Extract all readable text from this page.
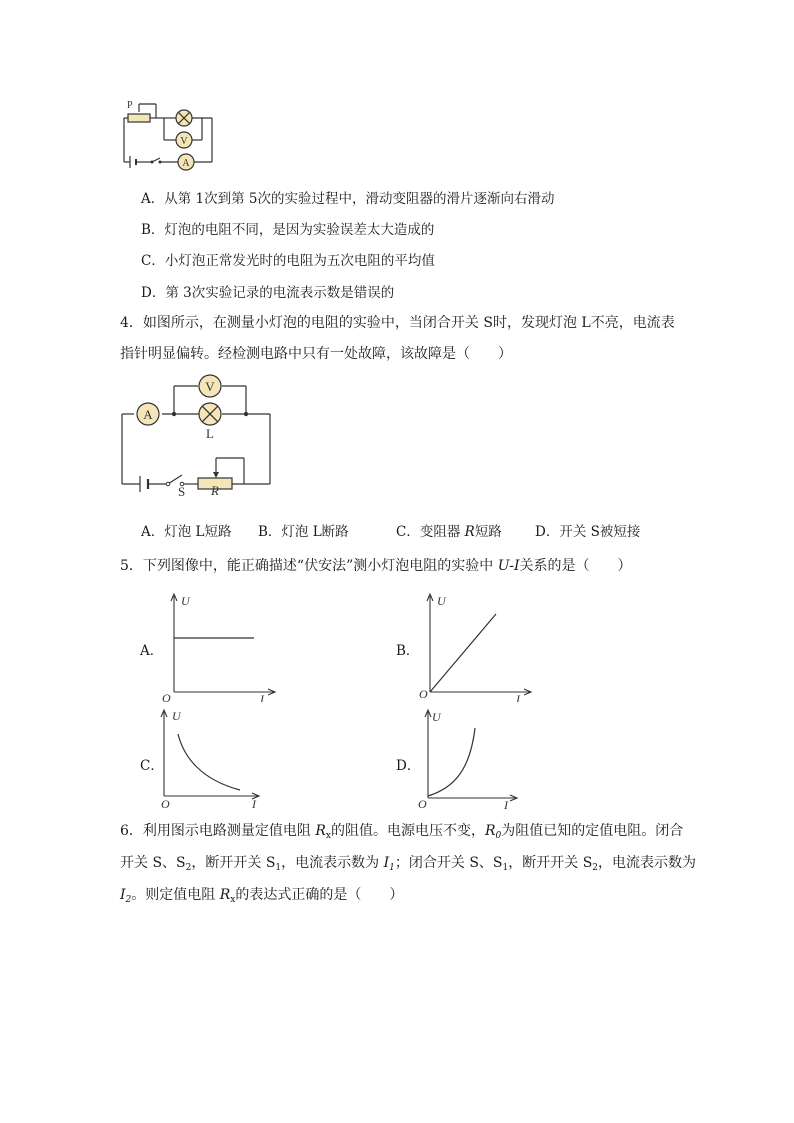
V
A
P
A．从第 1次到第 5次的实验过程中，滑动变阻器的滑片逐渐向右滑动
B．灯泡的电阻不同，是因为实验误差太大造成的
C．小灯泡正常发光时的电阻为五次电阻的平均值
D．第 3次实验记录的电流表示数是错误的
4．如图所示，在测量小灯泡的电阻的实验中，当闭合开关 S时，发现灯泡 L不亮，电流表
指针明显偏转。经检测电路中只有一处故障，该故障是（　　）
A
V
L
S R
A．灯泡 L短路 B．灯泡 L断路	C．变阻器 R短路 D．开关 S被短接
5．下列图像中，能正确描述“伏安法”测小灯泡电阻的实验中 U-I关系的是（　　）
A．
U
I
O
B．
U
I
O
C．
U
I
O
D．
U
I
O
6．利用图示电路测量定值电阻 $R_x$的阻值。电源电压不变，$R_0$为阻值已知的定值电阻。闭合
开关 S、$S_2$，断开开关 $S_1$，电流表示数为 $I_1$；闭合开关 S、$S_1$，断开开关 $S_2$，电流表示数为
$I_2$。则定值电阻 $R_x$的表达式正确的是（　　）
